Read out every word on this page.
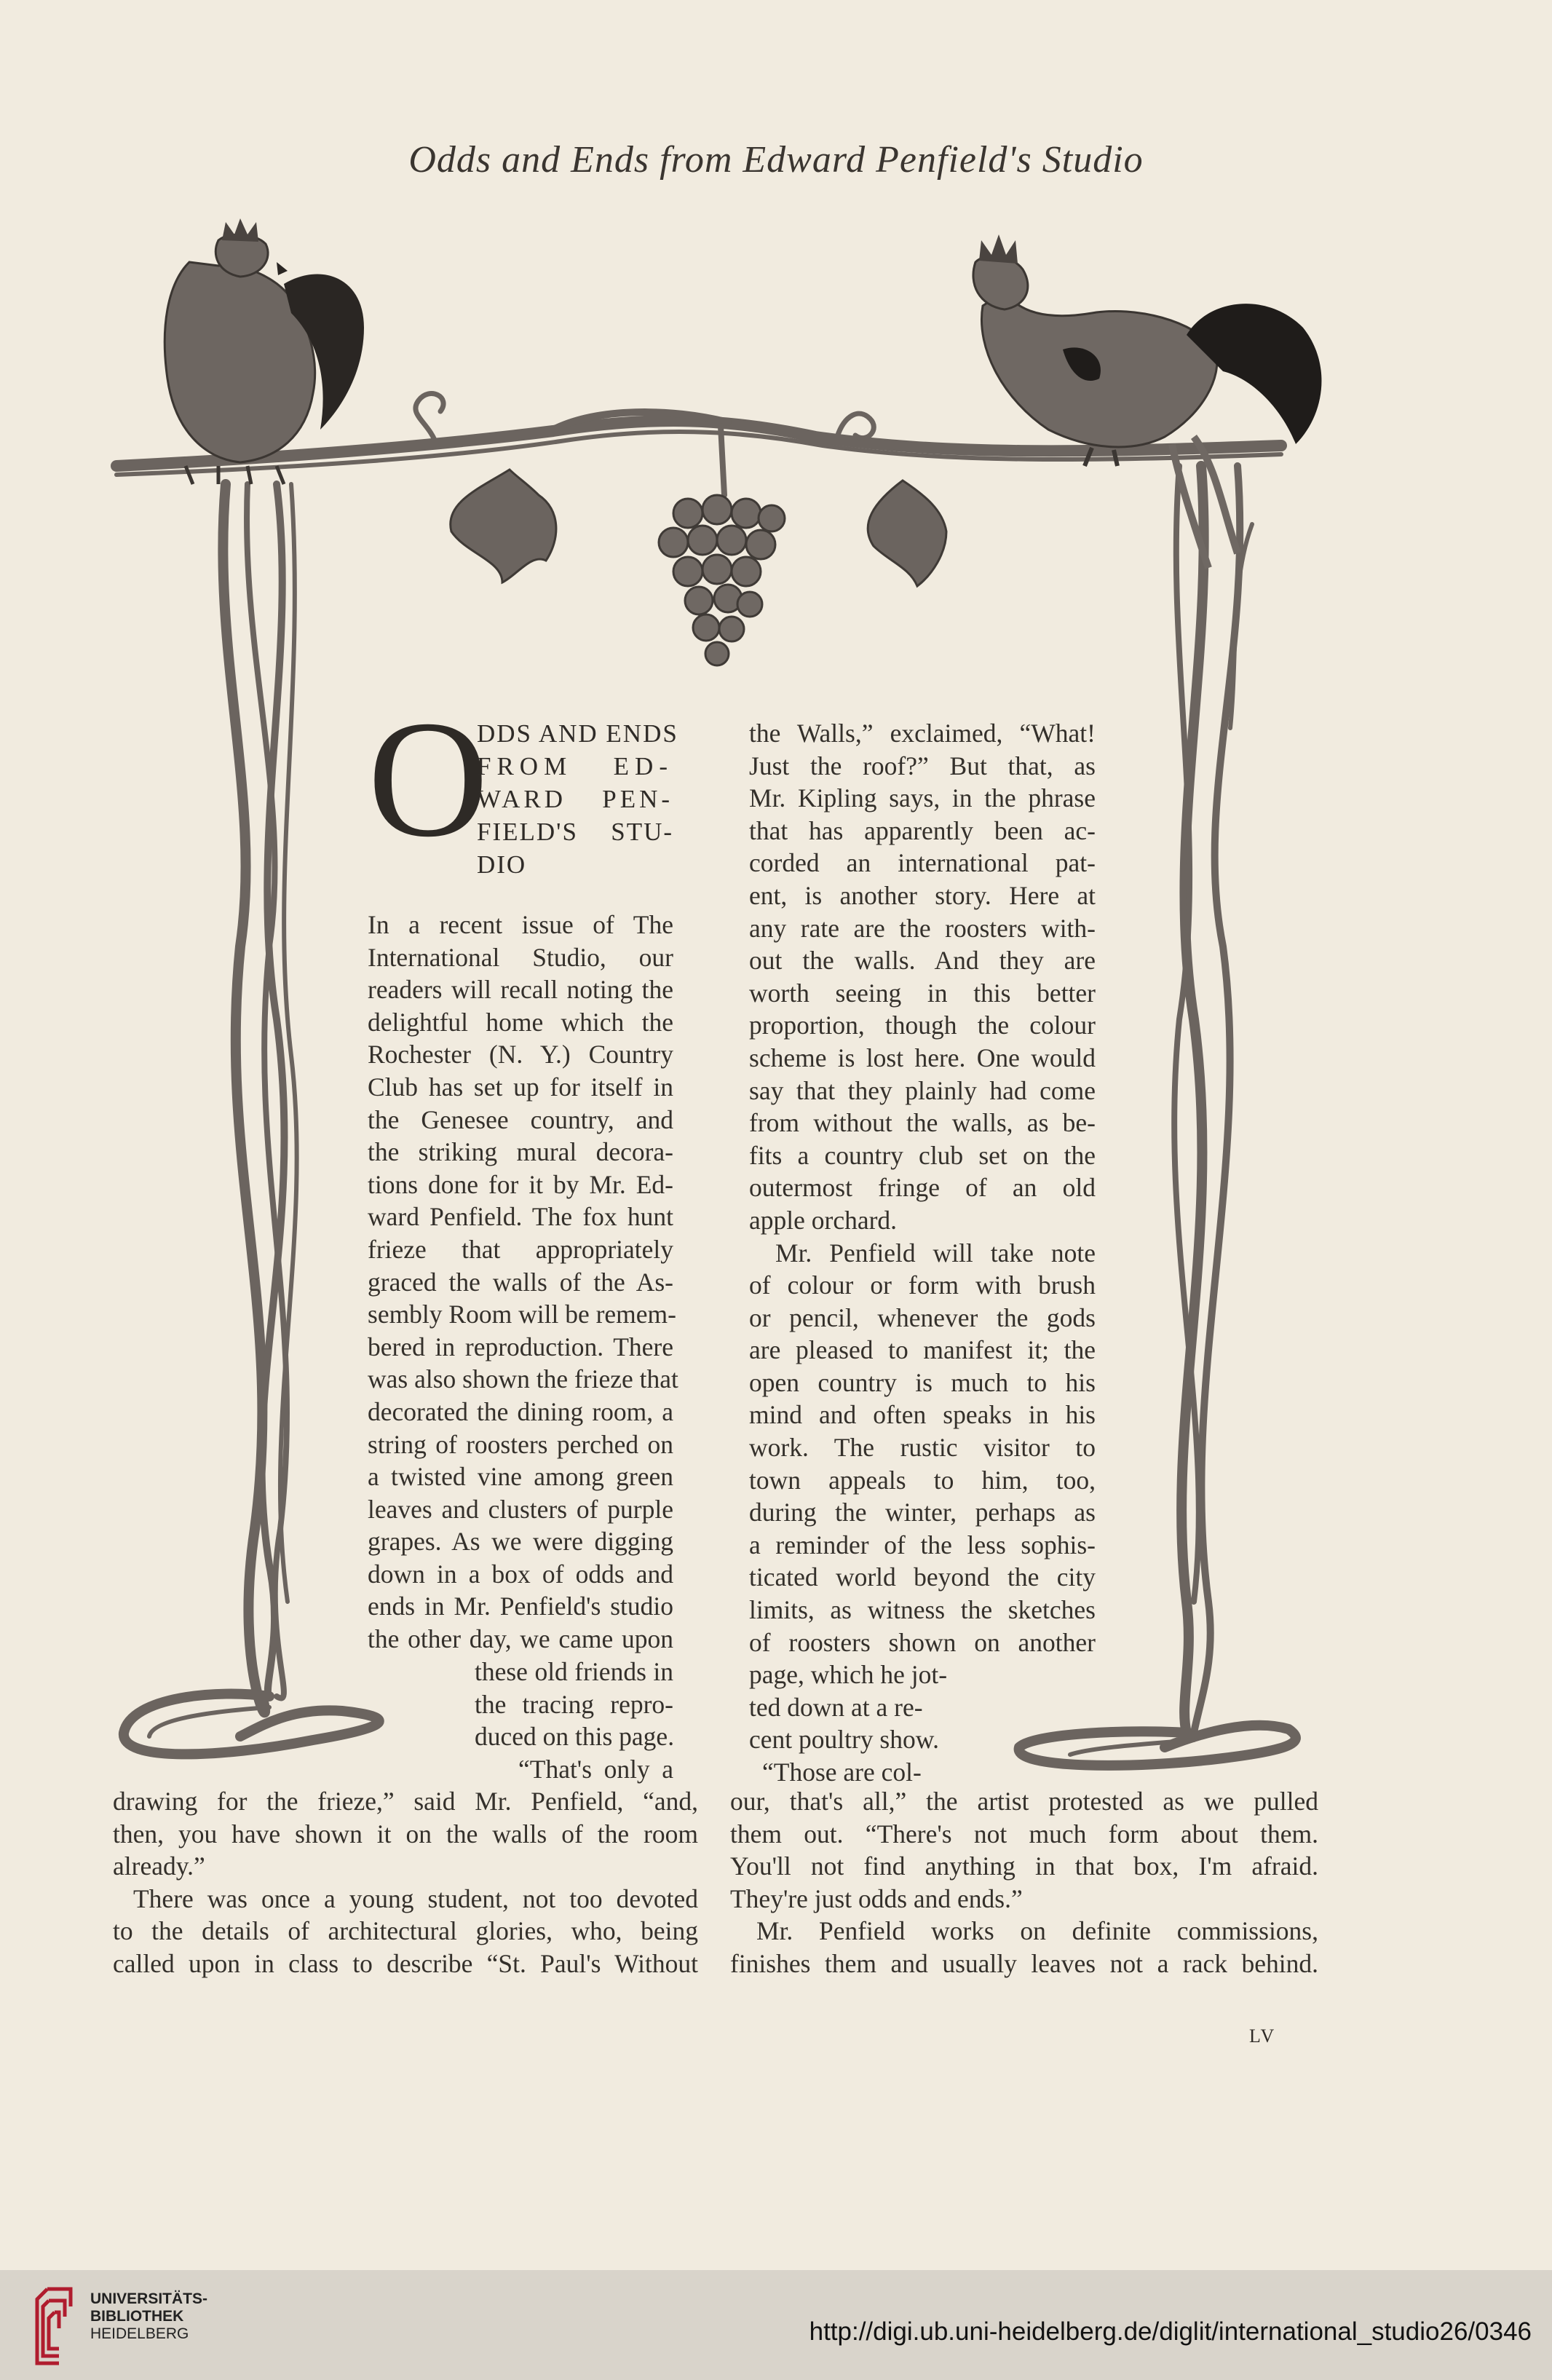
Odds and Ends from Edward Penfield's Studio
O
DDS AND ENDS
FROM ED-
WARD PEN-
FIELD'S STU-
DIO
In a recent issue of The
International Studio, our
readers will recall noting the
delightful home which the
Rochester (N. Y.) Country
Club has set up for itself in
the Genesee country, and
the striking mural decora-
tions done for it by Mr. Ed-
ward Penfield. The fox hunt
frieze that appropriately
graced the walls of the As-
sembly Room will be remem-
bered in reproduction. There
was also shown the frieze that
decorated the dining room, a
string of roosters perched on
a twisted vine among green
leaves and clusters of purple
grapes. As we were digging
down in a box of odds and
ends in Mr. Penfield's studio
the other day, we came upon
these old friends in
the tracing repro-
duced on this page.
“That's only a
drawing for the frieze,” said Mr. Penfield, “and,
then, you have shown it on the walls of the room
already.”
There was once a young student, not too devoted
to the details of architectural glories, who, being
called upon in class to describe “St. Paul's Without
the Walls,” exclaimed, “What!
Just the roof?” But that, as
Mr. Kipling says, in the phrase
that has apparently been ac-
corded an international pat-
ent, is another story. Here at
any rate are the roosters with-
out the walls. And they are
worth seeing in this better
proportion, though the colour
scheme is lost here. One would
say that they plainly had come
from without the walls, as be-
fits a country club set on the
outermost fringe of an old
apple orchard.
Mr. Penfield will take note
of colour or form with brush
or pencil, whenever the gods
are pleased to manifest it; the
open country is much to his
mind and often speaks in his
work. The rustic visitor to
town appeals to him, too,
during the winter, perhaps as
a reminder of the less sophis-
ticated world beyond the city
limits, as witness the sketches
of roosters shown on another
page, which he jot-
ted down at a re-
cent poultry show.
“Those are col-
our, that's all,” the artist protested as we pulled
them out. “There's not much form about them.
You'll not find anything in that box, I'm afraid.
They're just odds and ends.”
Mr. Penfield works on definite commissions,
finishes them and usually leaves not a rack behind.
LV
UNIVERSITÄTS-
BIBLIOTHEK
HEIDELBERG	http://digi.ub.uni-heidelberg.de/diglit/international_studio26/0346
